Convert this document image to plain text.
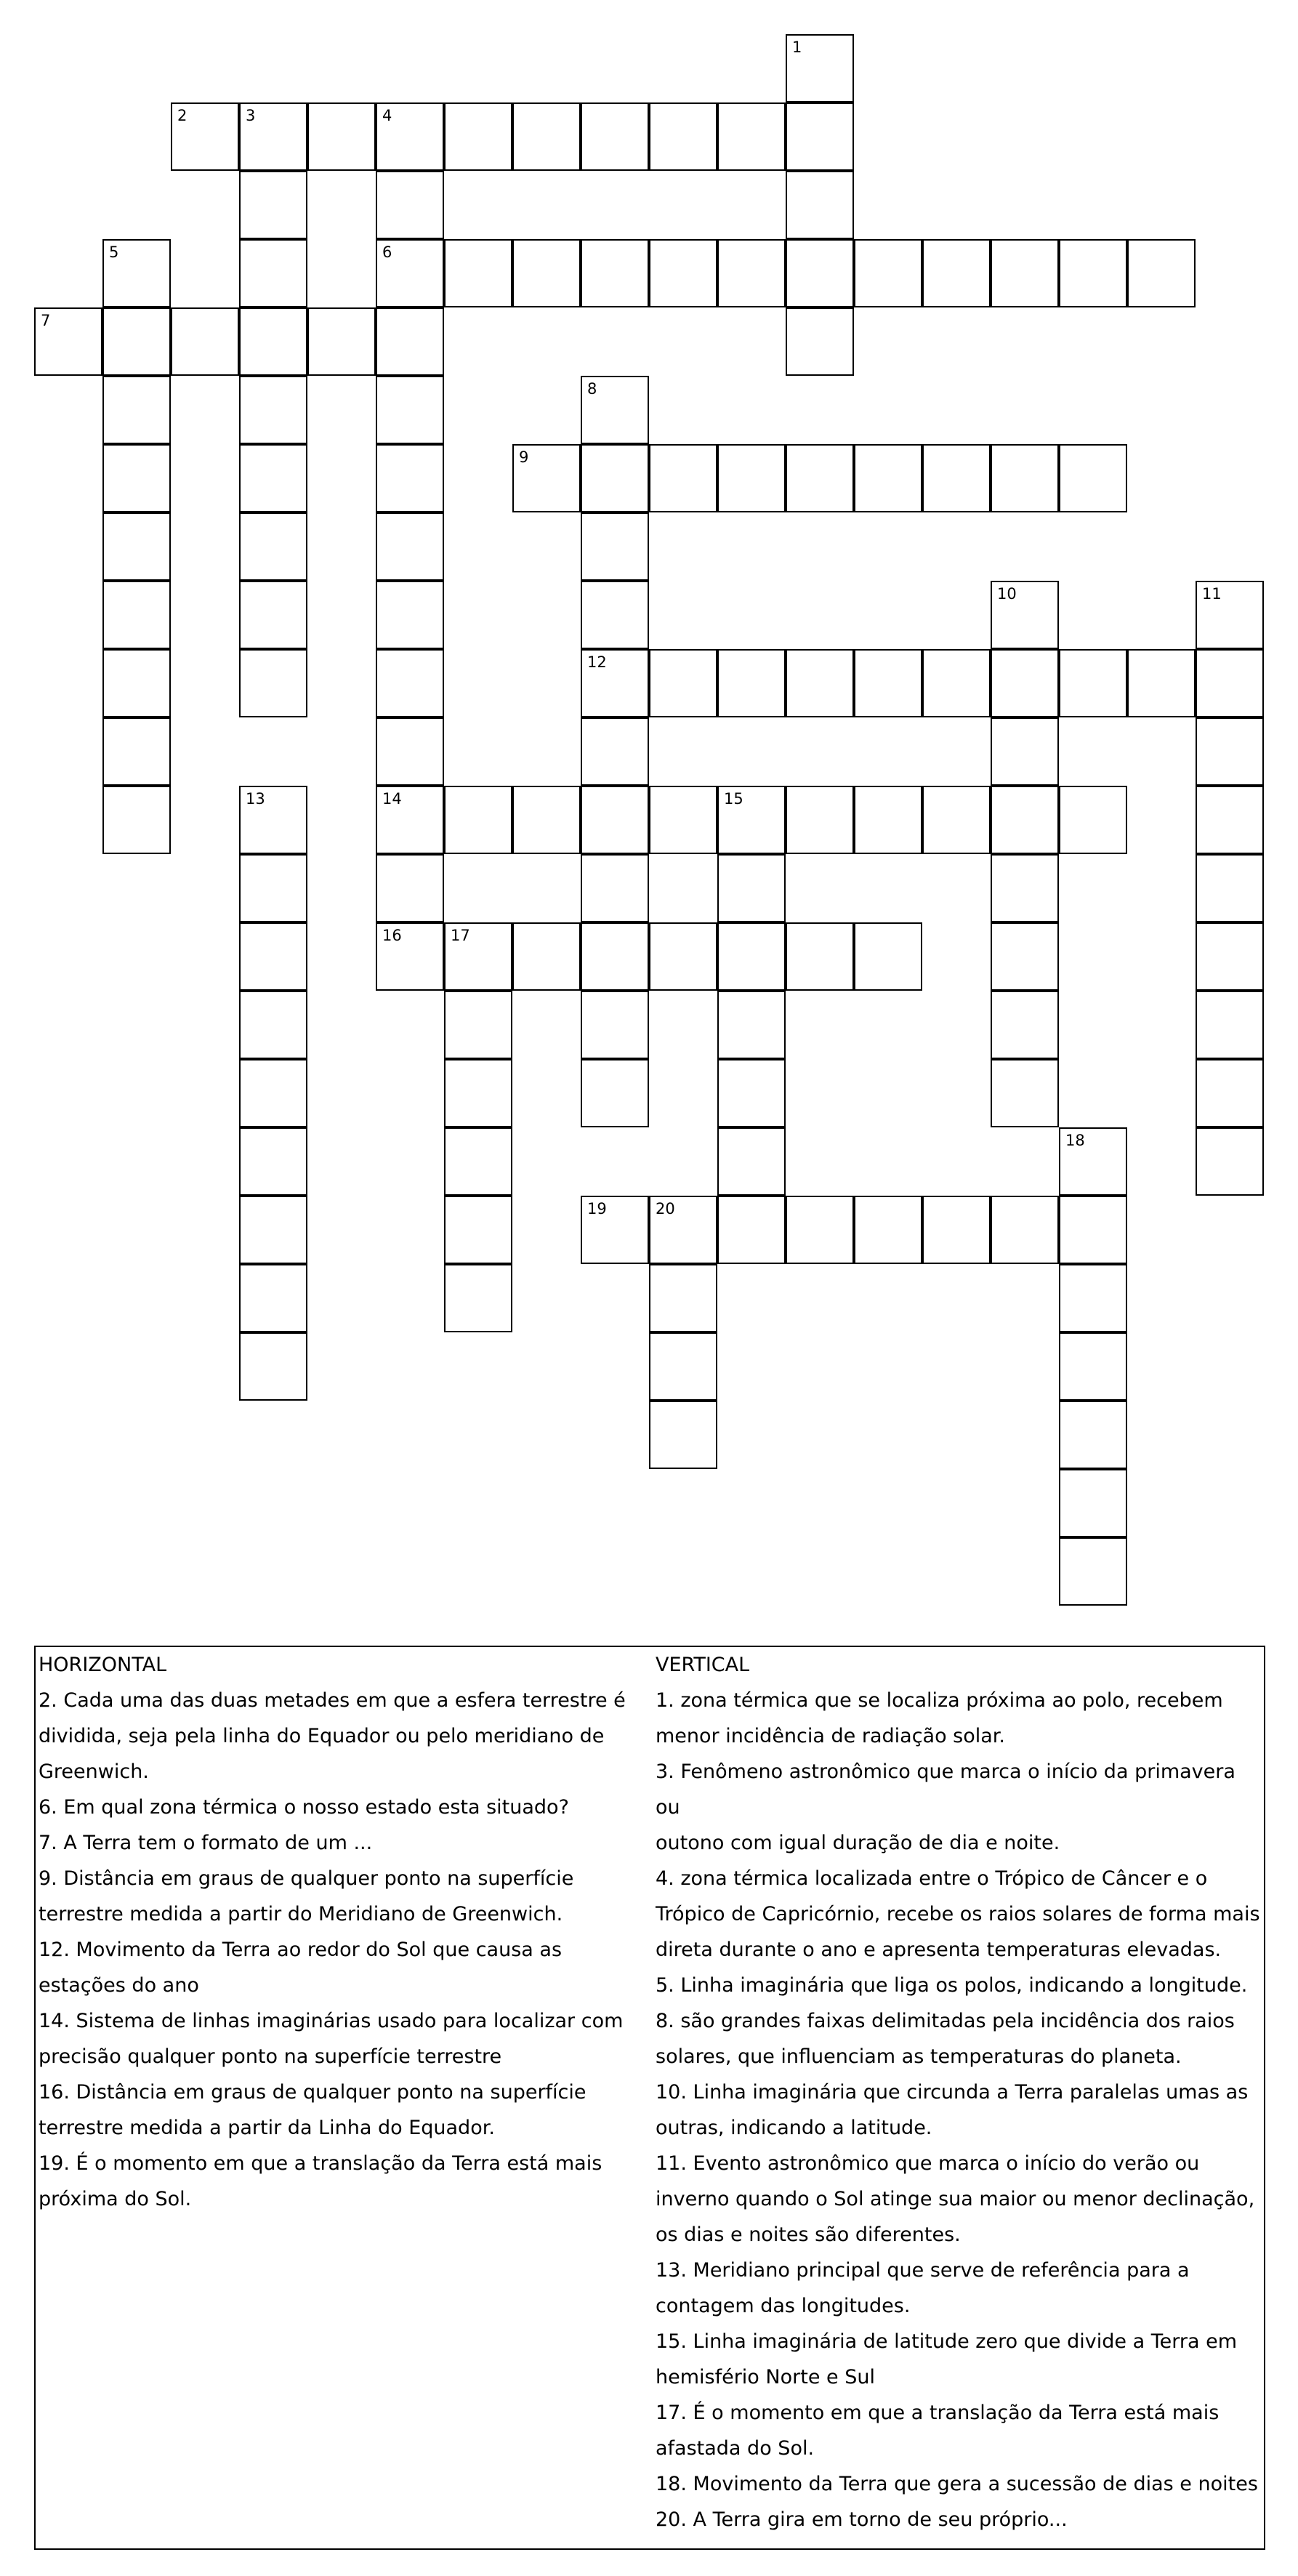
1
2	3	4
5	6
7
8
9
10	11
12
13	14	15
16	17
18
19	20
HORIZONTAL
2. Cada uma das duas metades em que a esfera terrestre é
dividida, seja pela linha do Equador ou pelo meridiano de
Greenwich.
6. Em qual zona térmica o nosso estado esta situado?
7. A Terra tem o formato de um ...
9. Distância em graus de qualquer ponto na superfície
terrestre medida a partir do Meridiano de Greenwich.
12. Movimento da Terra ao redor do Sol que causa as
estações do ano
14. Sistema de linhas imaginárias usado para localizar com
precisão qualquer ponto na superfície terrestre
16. Distância em graus de qualquer ponto na superfície
terrestre medida a partir da Linha do Equador.
19. É o momento em que a translação da Terra está mais
próxima do Sol.
VERTICAL
1. zona térmica que se localiza próxima ao polo, recebem
menor incidência de radiação solar.
3. Fenômeno astronômico que marca o início da primavera ou
outono com igual duração de dia e noite.
4. zona térmica localizada entre o Trópico de Câncer e o
Trópico de Capricórnio, recebe os raios solares de forma mais
direta durante o ano e apresenta temperaturas elevadas.
5. Linha imaginária que liga os polos, indicando a longitude.
8. são grandes faixas delimitadas pela incidência dos raios
solares, que influenciam as temperaturas do planeta.
10. Linha imaginária que circunda a Terra paralelas umas as
outras, indicando a latitude.
11. Evento astronômico que marca o início do verão ou
inverno quando o Sol atinge sua maior ou menor declinação,
os dias e noites são diferentes.
13. Meridiano principal que serve de referência para a
contagem das longitudes.
15. Linha imaginária de latitude zero que divide a Terra em
hemisfério Norte e Sul
17. É o momento em que a translação da Terra está mais
afastada do Sol.
18. Movimento da Terra que gera a sucessão de dias e noites
20. A Terra gira em torno de seu próprio...
